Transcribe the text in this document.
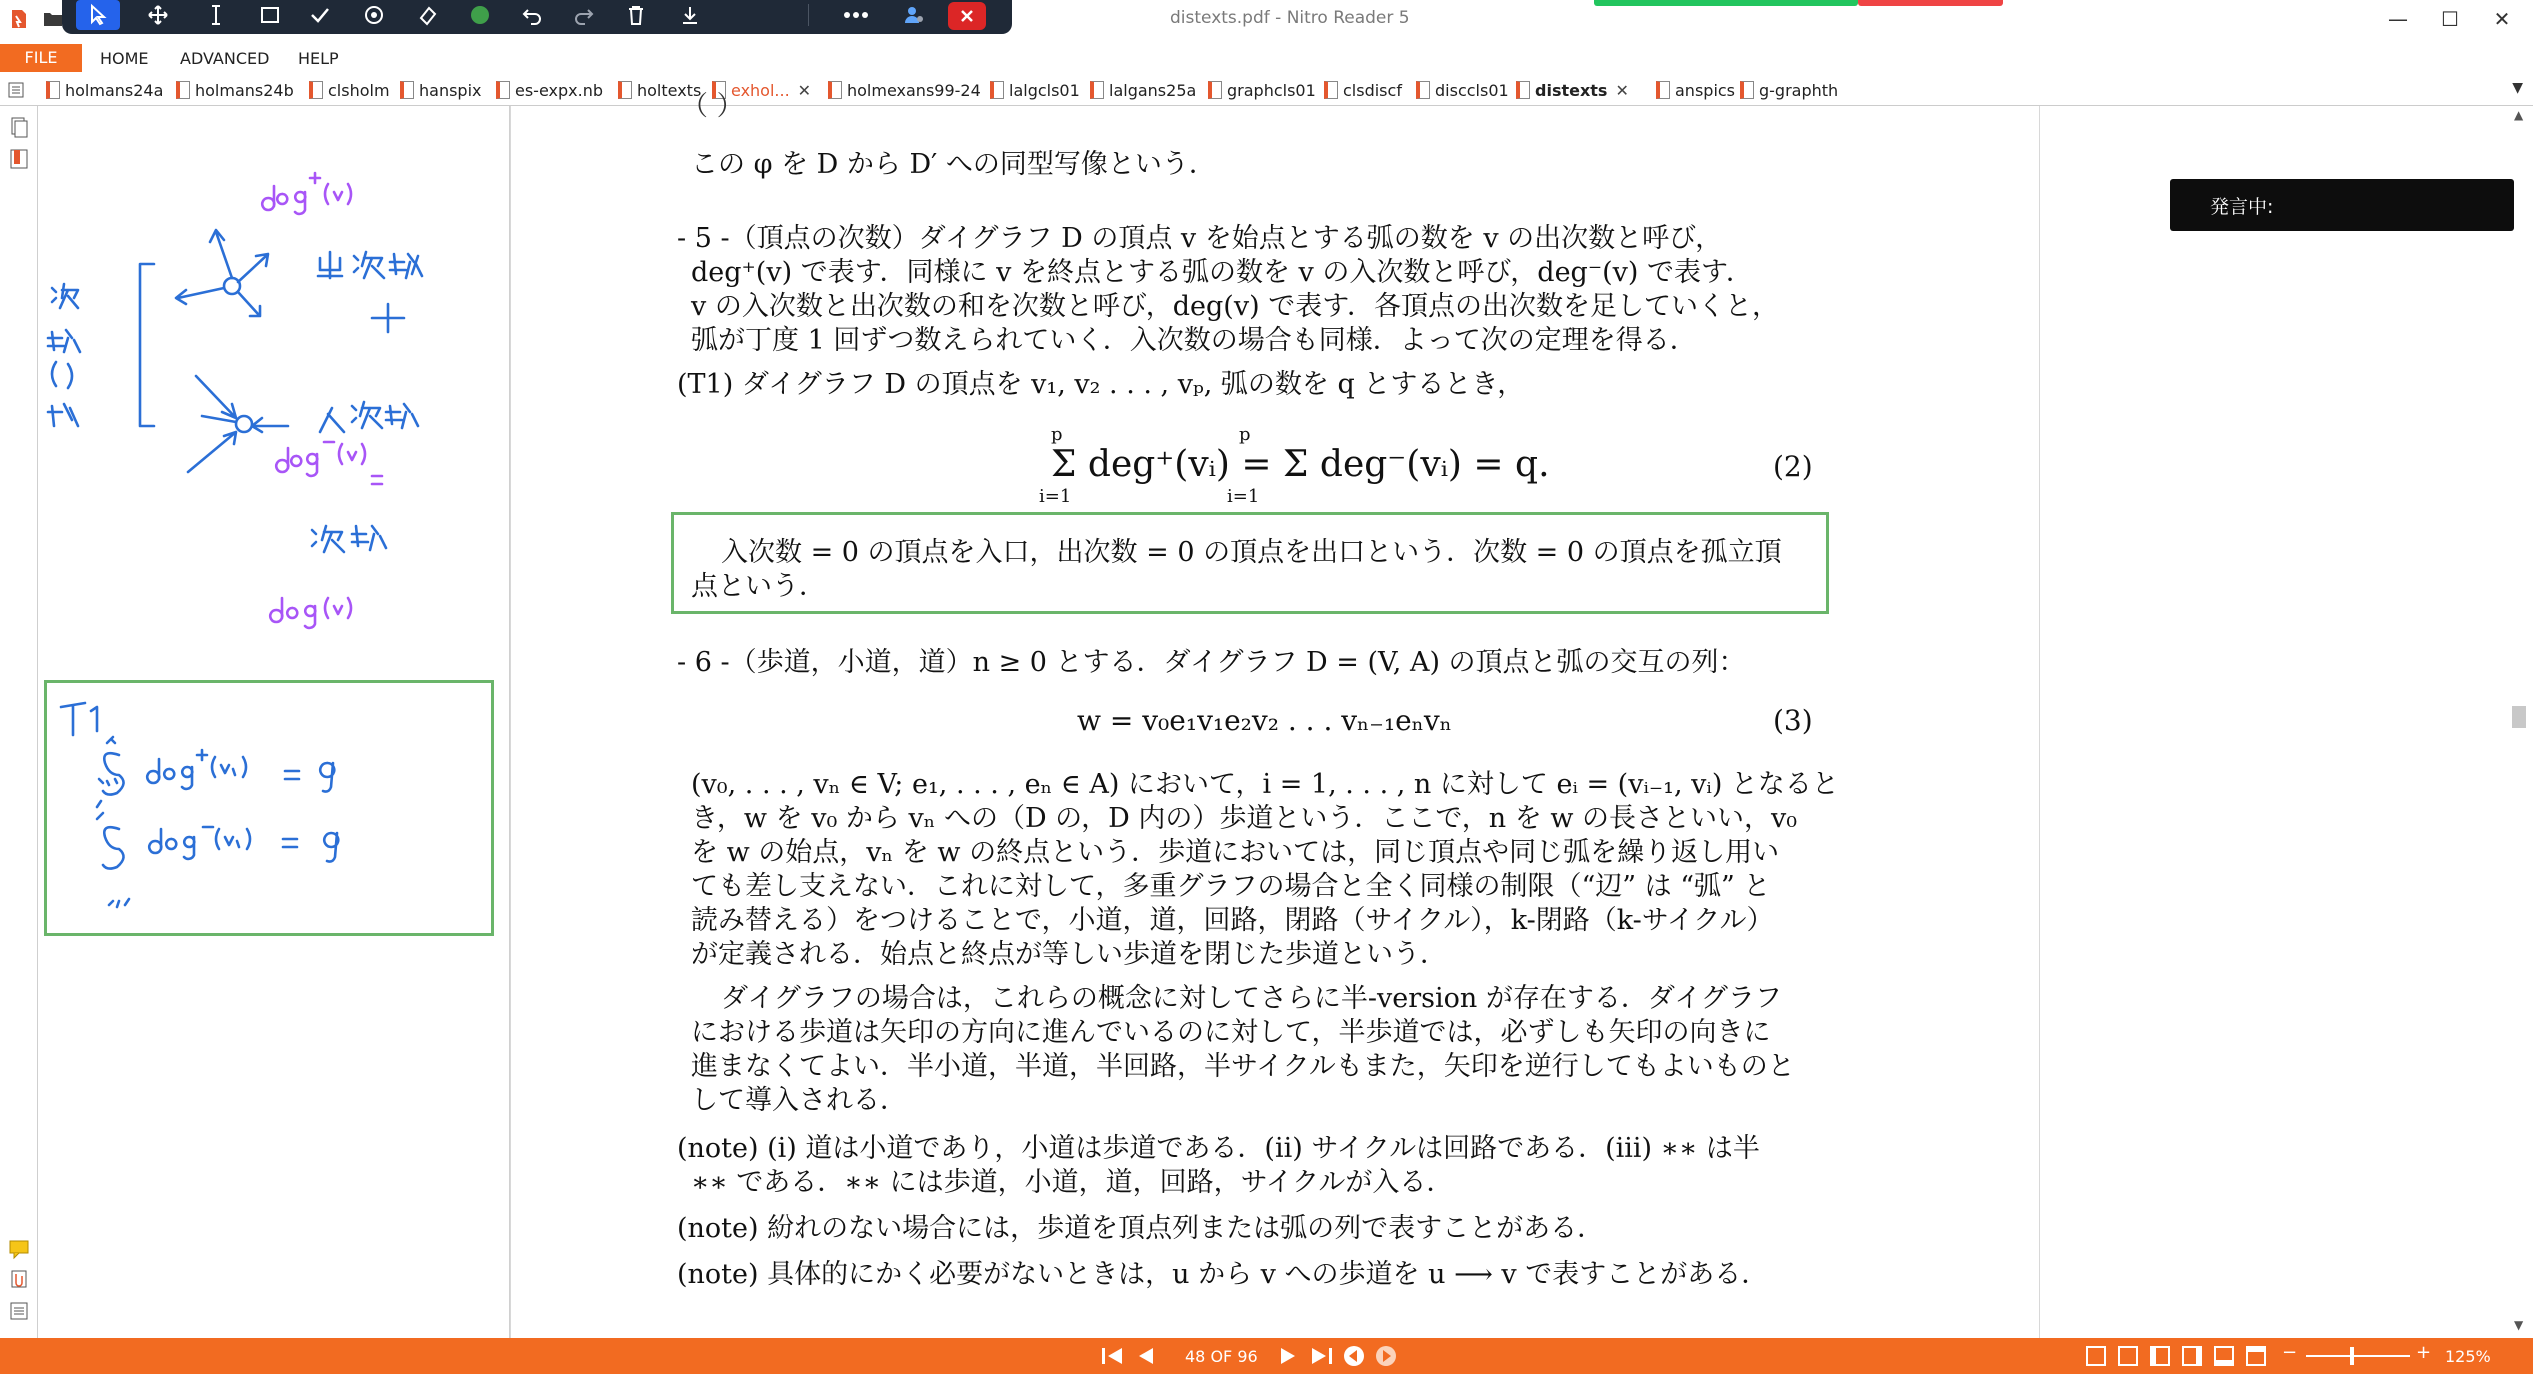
distexts.pdf - Nitro Reader 5	—	☐	✕
FILE	HOME ADVANCED HELP
holmans24a holmans24b clsholm hanspix es-expx.nb holtexts exhol... ✕ holmexans99-24 lalgcls01 lalgans25a graphcls01 clsdiscf disccls01 distexts ✕	anspics g-graphth	▼
（ ）
この φ を D から D′ への同型写像という．
- 5 -（頂点の次数）ダイグラフ D の頂点 v を始点とする弧の数を v の出次数と呼び，
deg⁺(v) で表す．同様に v を終点とする弧の数を v の入次数と呼び，deg⁻(v) で表す．
v の入次数と出次数の和を次数と呼び，deg(v) で表す．各頂点の出次数を足していくと，
弧が丁度 1 回ずつ数えられていく．入次数の場合も同様．よって次の定理を得る．
(T1) ダイグラフ D の頂点を v₁, v₂ . . . , vₚ, 弧の数を q とするとき，
p
i=1
p
i=1
Σ deg⁺(vᵢ) = Σ deg⁻(vᵢ) = q.	(2)
入次数 = 0 の頂点を入口，出次数 = 0 の頂点を出口という．次数 = 0 の頂点を孤立頂
点という．
- 6 -（歩道，小道，道）n ≥ 0 とする．ダイグラフ D = (V, A) の頂点と弧の交互の列：
w = v₀e₁v₁e₂v₂ . . . vₙ₋₁eₙvₙ	(3)
(v₀, . . . , vₙ ∈ V; e₁, . . . , eₙ ∈ A) において，i = 1, . . . , n に対して eᵢ = (vᵢ₋₁, vᵢ) となると
き，w を v₀ から vₙ への（D の，D 内の）歩道という．ここで，n を w の長さといい，v₀
を w の始点，vₙ を w の終点という．歩道においては，同じ頂点や同じ弧を繰り返し用い
ても差し支えない．これに対して，多重グラフの場合と全く同様の制限（“辺” は “弧” と
読み替える）をつけることで，小道，道，回路，閉路（サイクル），k-閉路（k-サイクル）
が定義される．始点と終点が等しい歩道を閉じた歩道という．
ダイグラフの場合は，これらの概念に対してさらに半-version が存在する．ダイグラフ
における歩道は矢印の方向に進んでいるのに対して，半歩道では，必ずしも矢印の向きに
進まなくてよい．半小道，半道，半回路，半サイクルもまた，矢印を逆行してもよいものと
して導入される．
(note) (i) 道は小道であり，小道は歩道である．(ii) サイクルは回路である．(iii) ∗∗ は半
∗∗ である．∗∗ には歩道，小道，道，回路，サイクルが入る．
(note) 紛れのない場合には，歩道を頂点列または弧の列で表すことがある．
(note) 具体的にかく必要がないときは，u から v への歩道を u ⟶ v で表すことがある．
発言中:
▲
▼
48 OF 96	−	+ 125%
